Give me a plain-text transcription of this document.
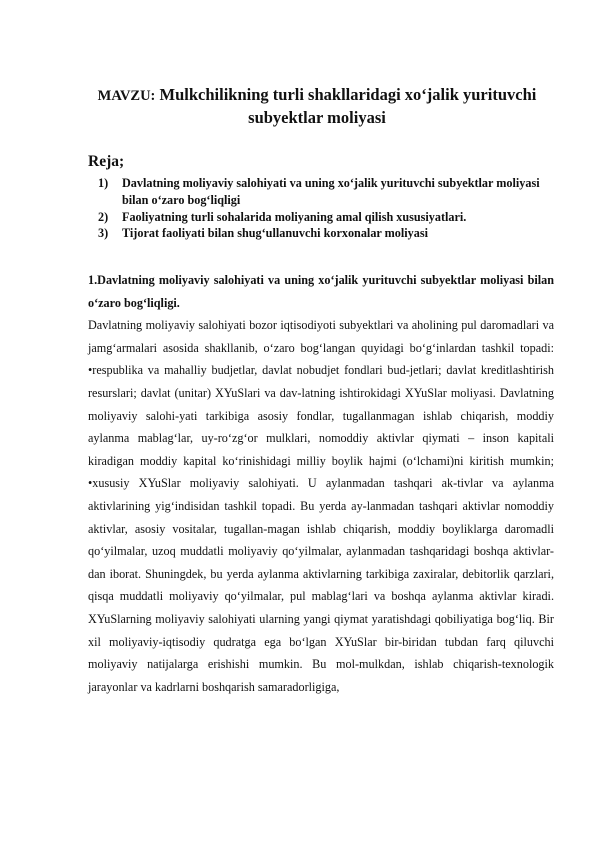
MAVZU: Mulkchilikning turli shakllaridagi xo‘jalik yurituvchi subyektlar moliyasi
Reja;
1) Davlatning moliyaviy salohiyati va uning xo‘jalik yurituvchi subyektlar moliyasi bilan o‘zaro bog‘liqligi
2) Faoliyatning turli sohalarida moliyaning amal qilish xususiyatlari.
3) Tijorat faoliyati bilan shug‘ullanuvchi korxonalar moliyasi

1.Davlatning moliyaviy salohiyati va uning xo‘jalik yurituvchi subyektlar moliyasi bilan o‘zaro bog‘liqligi.

Davlatning moliyaviy salohiyati bozor iqtisodiyoti subyektlari va aholining pul daromadlari va jamg‘armalari asosida shakllanib, o‘zaro bog‘langan quyidagi bo‘g‘inlardan tashkil topadi: •respublika va mahalliy budjetlar, davlat nobudjet fondlari bud-jetlari; davlat kreditlashtirish resurslari; davlat (unitar) XYuSlari va dav-latning ishtirokidagi XYuSlar moliyasi. Davlatning moliyaviy salohi-yati tarkibiga asosiy fondlar, tugallanmagan ishlab chiqarish, moddiy aylanma mablag‘lar, uy-ro‘zg‘or mulklari, nomoddiy aktivlar qiymati – inson kapitali kiradigan moddiy kapital ko‘rinishidagi milliy boylik hajmi (o‘lchami)ni kiritish mumkin; •xususiy XYuSlar moliyaviy salohiyati. U aylanmadan tashqari ak-tivlar va aylanma aktivlarining yig‘indisidan tashkil topadi. Bu yerda ay-lanmadan tashqari aktivlar nomoddiy aktivlar, asosiy vositalar, tugallan-magan ishlab chiqarish, moddiy boyliklarga daromadli qo‘yilmalar, uzoq muddatli moliyaviy qo‘yilmalar, aylanmadan tashqaridagi boshqa aktivlar-dan iborat. Shuningdek, bu yerda aylanma aktivlarning tarkibiga zaxiralar, debitorlik qarzlari, qisqa muddatli moliyaviy qo‘yilmalar, pul mablag‘lari va boshqa aylanma aktivlar kiradi. XYuSlarning moliyaviy salohiyati ularning yangi qiymat yaratishdagi qobiliyatiga bog‘liq. Bir xil moliyaviy-iqtisodiy qudratga ega bo‘lgan XYuSlar bir-biridan tubdan farq qiluvchi moliyaviy natijalarga erishishi mumkin. Bu mol-mulkdan, ishlab chiqarish-texnologik jarayonlar va kadrlarni boshqarish samaradorligiga,
